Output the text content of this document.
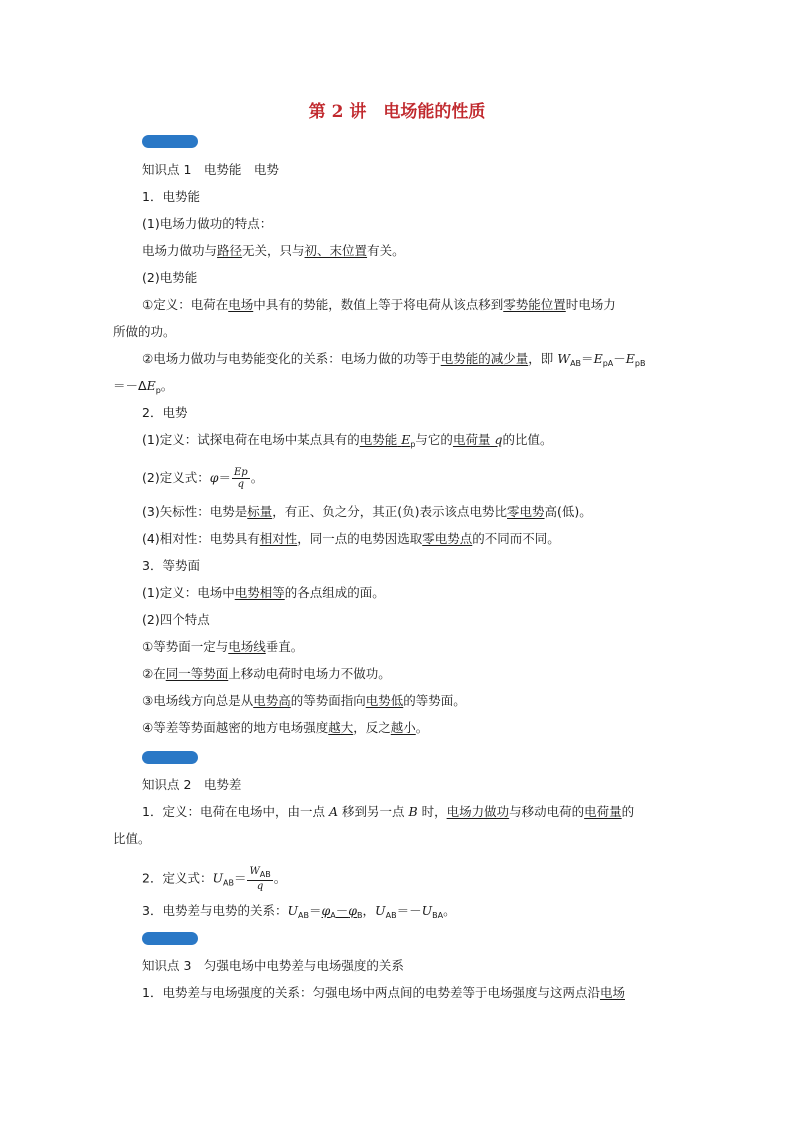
第 2 讲　电场能的性质
知识点 1　电势能　电势
1．电势能
(1)电场力做功的特点：
电场力做功与路径无关，只与初、末位置有关。
(2)电势能
①定义：电荷在电场中具有的势能，数值上等于将电荷从该点移到零势能位置时电场力
所做的功。
②电场力做功与电势能变化的关系：电场力做的功等于电势能的减少量，即 $W_{AB}=E_{pA}-E_{pB}$
$=-\Delta E_p$。
2．电势
(1)定义：试探电荷在电场中某点具有的电势能 $E_p$与它的电荷量 q的比值。
(2)定义式：$\varphi= \frac{Ep}{q}$ 。
(3)矢标性：电势是标量，有正、负之分，其正(负)表示该点电势比零电势高(低)。
(4)相对性：电势具有相对性，同一点的电势因选取零电势点的不同而不同。
3．等势面
(1)定义：电场中电势相等的各点组成的面。
(2)四个特点
①等势面一定与电场线垂直。
②在同一等势面上移动电荷时电场力不做功。
③电场线方向总是从电势高的等势面指向电势低的等势面。
④等差等势面越密的地方电场强度越大，反之越小。
知识点 2　电势差
1．定义：电荷在电场中，由一点 A 移到另一点 B 时，电场力做功与移动电荷的电荷量的
比值。
2．定义式：$U_{AB}= \frac{W_{AB}}{q}$ 。
3．电势差与电势的关系：$U_{AB}=\varphi_A-\varphi_B$，$U_{AB}=-U_{BA}$。
知识点 3　匀强电场中电势差与电场强度的关系
1．电势差与电场强度的关系：匀强电场中两点间的电势差等于电场强度与这两点沿电场
